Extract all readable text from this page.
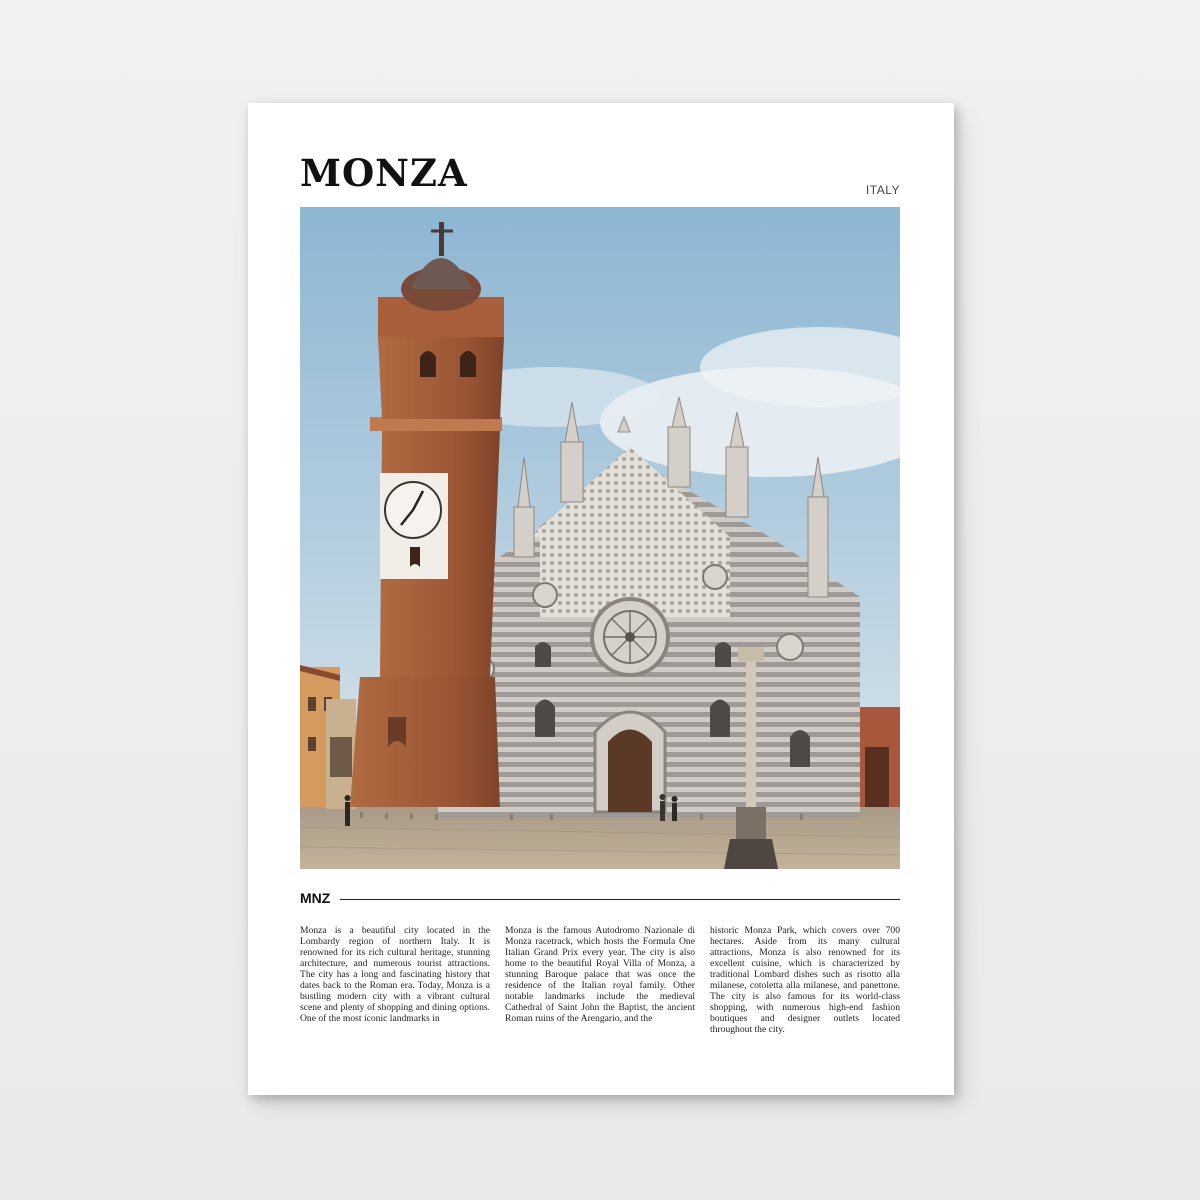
MONZA	ITALY
MNZ

Monza is a beautiful city located in the Lombardy region of northern Italy. It is renowned for its rich cultural heritage, stunning architecture, and numerous tourist attractions. The city has a long and fascinating history that dates back to the Roman era. Today, Monza is a bustling modern city with a vibrant cultural scene and plenty of shopping and dining options. One of the most iconic landmarks in

Monza is the famous Autodromo Nazionale di Monza racetrack, which hosts the Formula One Italian Grand Prix every year. The city is also home to the beautiful Royal Villa of Monza, a stunning Baroque palace that was once the residence of the Italian royal family. Other notable landmarks include the medieval Cathedral of Saint John the Baptist, the ancient Roman ruins of the Arengario, and the

historic Monza Park, which covers over 700 hectares. Aside from its many cultural attractions, Monza is also renowned for its excellent cuisine, which is characterized by traditional Lombard dishes such as risotto alla milanese, cotoletta alla milanese, and panettone. The city is also famous for its world-class shopping, with numerous high-end fashion boutiques and designer outlets located throughout the city.
